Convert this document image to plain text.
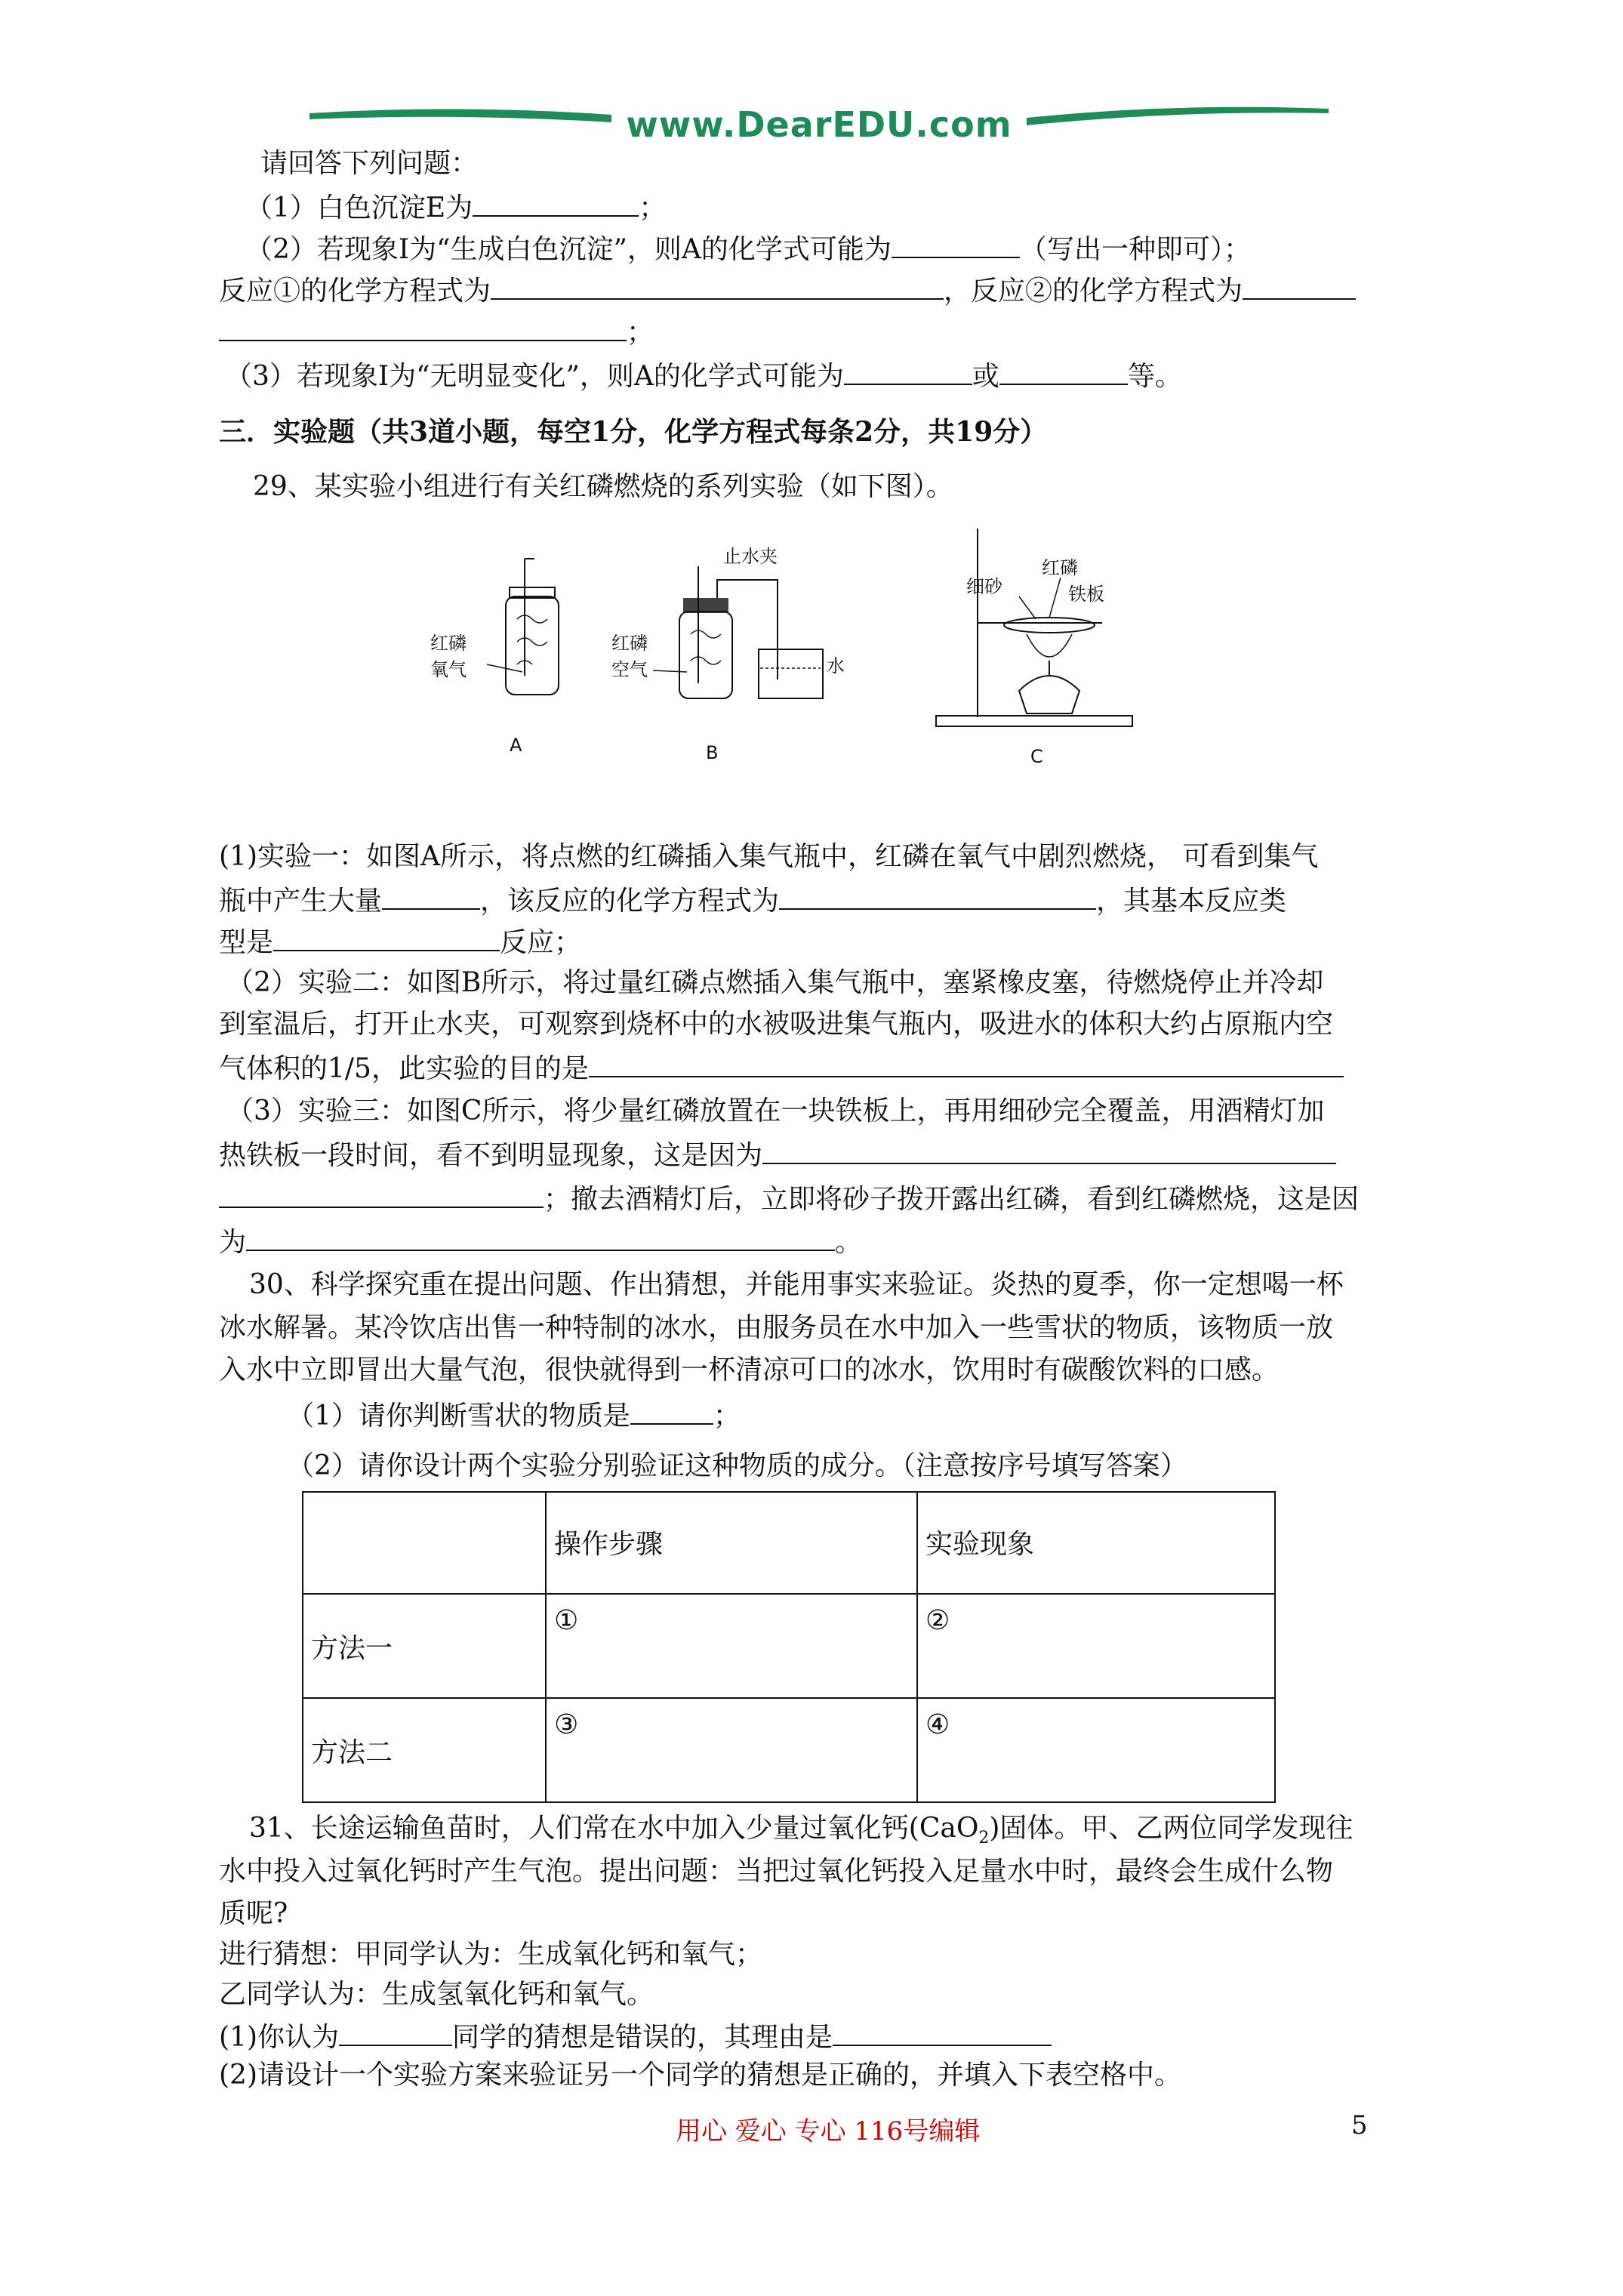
www.DearEDU.com
请回答下列问题：
（1）白色沉淀E为	；
（2）若现象Ⅰ为“生成白色沉淀”，则A的化学式可能为	（写出一种即可）；
反应①的化学方程式为	，反应②的化学方程式为
；
（3）若现象Ⅰ为“无明显变化”，则A的化学式可能为	或	等。
三．实验题（共3道小题，每空1分，化学方程式每条2分，共19分）
29、某实验小组进行有关红磷燃烧的系列实验（如下图）。
红磷
氧气
A
止水夹
红磷
空气	水
B
细砂
红磷
铁板
C
(1)实验一：如图A所示，将点燃的红磷插入集气瓶中，红磷在氧气中剧烈燃烧， 可看到集气
瓶中产生大量	，该反应的化学方程式为	，其基本反应类
型是	反应；
（2）实验二：如图B所示，将过量红磷点燃插入集气瓶中，塞紧橡皮塞，待燃烧停止并冷却
到室温后，打开止水夹，可观察到烧杯中的水被吸进集气瓶内，吸进水的体积大约占原瓶内空
气体积的1/5，此实验的目的是
（3）实验三：如图C所示，将少量红磷放置在一块铁板上，再用细砂完全覆盖，用酒精灯加
热铁板一段时间，看不到明显现象，这是因为
；撤去酒精灯后，立即将砂子拨开露出红磷，看到红磷燃烧，这是因
为	。
30、科学探究重在提出问题、作出猜想，并能用事实来验证。炎热的夏季，你一定想喝一杯
冰水解暑。某冷饮店出售一种特制的冰水，由服务员在水中加入一些雪状的物质，该物质一放
入水中立即冒出大量气泡，很快就得到一杯清凉可口的冰水，饮用时有碳酸饮料的口感。
（1）请你判断雪状的物质是	；
（2）请你设计两个实验分别验证这种物质的成分。（注意按序号填写答案）
	操作步骤	实验现象
方法一	①	②
方法二	③	④
31、长途运输鱼苗时，人们常在水中加入少量过氧化钙(CaO$_2$)固体。甲、乙两位同学发现往
水中投入过氧化钙时产生气泡。提出问题：当把过氧化钙投入足量水中时，最终会生成什么物
质呢?
进行猜想：甲同学认为：生成氧化钙和氧气；
乙同学认为：生成氢氧化钙和氧气。
(1)你认为	同学的猜想是错误的，其理由是
(2)请设计一个实验方案来验证另一个同学的猜想是正确的，并填入下表空格中。
用心 爱心 专心 116号编辑	5
